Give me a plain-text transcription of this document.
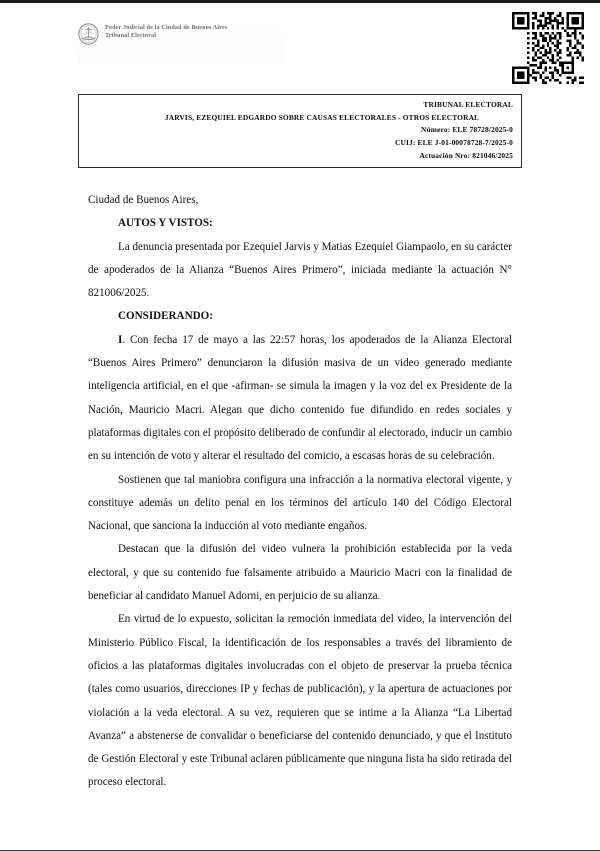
Poder Judicial de la Ciudad de Buenos Aires
Tribunal Electoral
TRIBUNAL ELECTORAL
JARVIS, EZEQUIEL EDGARDO SOBRE CAUSAS ELECTORALES - OTROS ELECTORAL
Número: ELE 78728/2025-0
CUIJ: ELE J-01-00078728-7/2025-0
Actuación Nro: 821046/2025

Ciudad de Buenos Aires,

AUTOS Y VISTOS:

La denuncia presentada por Ezequiel Jarvis y Matias Ezequiel Giampaolo, en su carácter de apoderados de la Alianza “Buenos Aires Primero”, iniciada mediante la actuación N° 821006/2025.

CONSIDERANDO:

I. Con fecha 17 de mayo a las 22:57 horas, los apoderados de la Alianza Electoral “Buenos Aires Primero” denunciaron la difusión masiva de un video generado mediante inteligencia artificial, en el que -afirman- se simula la imagen y la voz del ex Presidente de la Nación, Mauricio Macri. Alegan que dicho contenido fue difundido en redes sociales y plataformas digitales con el propósito deliberado de confundir al electorado, inducir un cambio en su intención de voto y alterar el resultado del comicio, a escasas horas de su celebración.

Sostienen que tal maniobra configura una infracción a la normativa electoral vigente, y constituye además un delito penal en los términos del artículo 140 del Código Electoral Nacional, que sanciona la inducción al voto mediante engaños.

Destacan que la difusión del video vulnera la prohibición establecida por la veda electoral, y que su contenido fue falsamente atribuido a Mauricio Macri con la finalidad de beneficiar al candidato Manuel Adorni, en perjuicio de su alianza.

En virtud de lo expuesto, solicitan la remoción inmediata del video, la intervención del Ministerio Público Fiscal, la identificación de los responsables a través del libramiento de oficios a las plataformas digitales involucradas con el objeto de preservar la prueba técnica (tales como usuarios, direcciones IP y fechas de publicación), y la apertura de actuaciones por violación a la veda electoral. A su vez, requieren que se intime a la Alianza “La Libertad Avanza” a abstenerse de convalidar o beneficiarse del contenido denunciado, y que el Instituto de Gestión Electoral y este Tribunal aclaren públicamente que ninguna lista ha sido retirada del proceso electoral.
